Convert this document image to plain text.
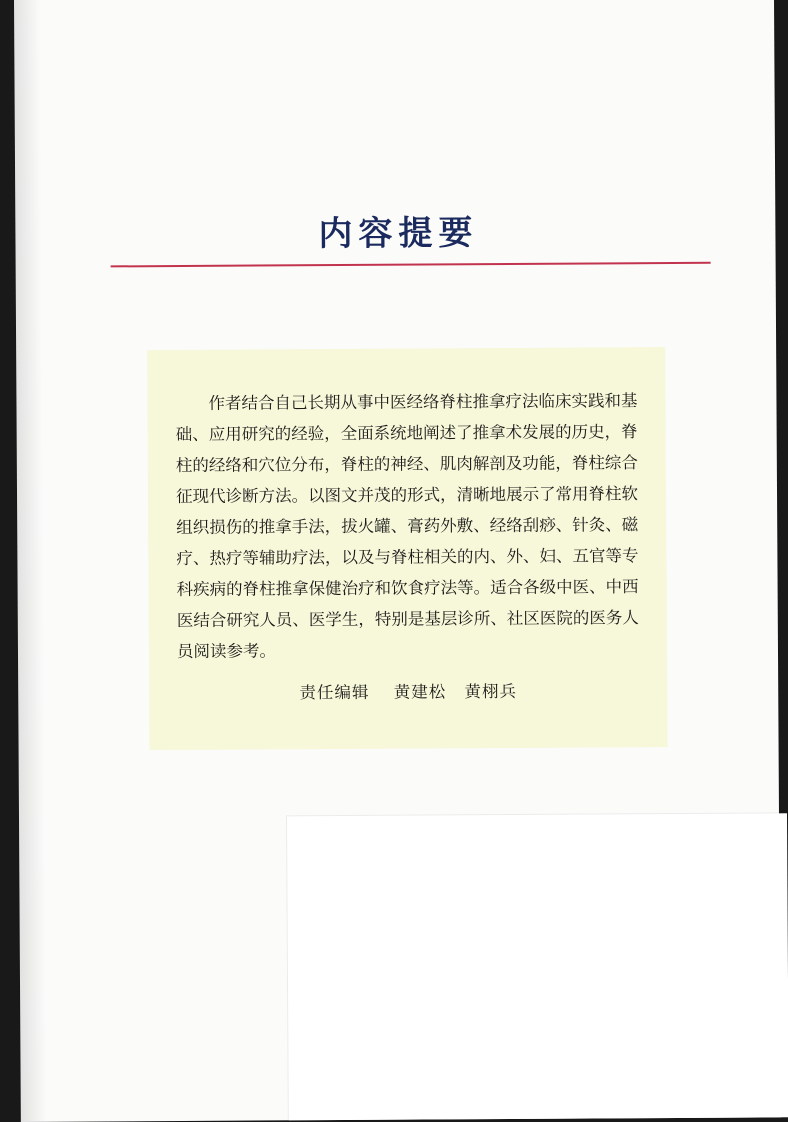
内容提要
作者结合自己长期从事中医经络脊柱推拿疗法临床实践和基础、应用研究的经验，全面系统地阐述了推拿术发展的历史，脊柱的经络和穴位分布，脊柱的神经、肌肉解剖及功能，脊柱综合征现代诊断方法。以图文并茂的形式，清晰地展示了常用脊柱软组织损伤的推拿手法，拔火罐、膏药外敷、经络刮痧、针灸、磁疗、热疗等辅助疗法，以及与脊柱相关的内、外、妇、五官等专科疾病的脊柱推拿保健治疗和饮食疗法等。适合各级中医、中西医结合研究人员、医学生，特别是基层诊所、社区医院的医务人员阅读参考。
责任编辑 黄建松 黄栩兵
